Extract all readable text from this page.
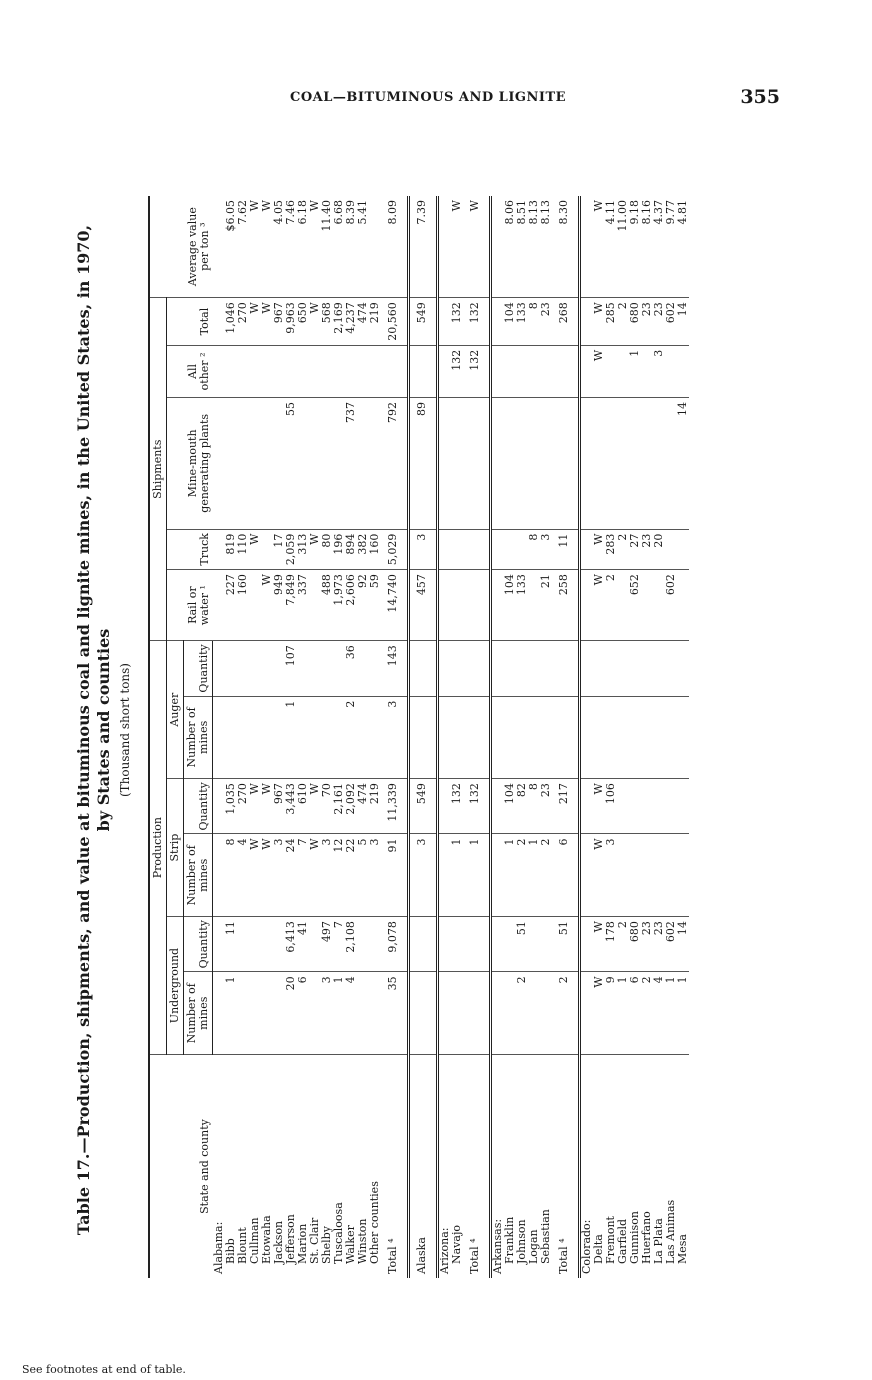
COAL—BITUMINOUS AND LIGNITE	355
Table 17.—Production, shipments, and value at bituminous coal and lignite mines, in the United States, in 1970, by States and counties (Thousand short tons)
State and county	Production						Shipments					Average value per ton ³
	Underground		Strip		Auger		Rail or water ¹	Truck	Mine-mouth generating plants	All other ²	Total	
	Number of mines	Quantity	Number of mines	Quantity	Number of mines	Quantity						
Alabama:												
Bibb	1	11	8	1,035			227	819			1,046	$6.05
Blount			4	270			160	110			270	7.62
Cullman			W	W				W			W	W
Etowaha			W	W			W				W	W
Jackson			3	967			949	17			967	4.05
Jefferson	20	6,413	24	3,443	1	107	7,849	2,059	55		9,963	7.46
Marion	6	41	7	610			337	313			650	6.18
St. Clair			W	W				W			W	W
Shelby	3	497	3	70			488	80			568	11.40
Tuscaloosa	1	7	12	2,161			1,973	196			2,169	6.68
Walker	4	2,108	22	2,092	2	36	2,606	894	737		4,237	8.39
Winston			5	474			92	382			474	5.41
Other counties			3	219			59	160			219	
Total ⁴	35	9,078	91	11,339	3	143	14,740	5,029	792		20,560	8.09
Alaska			3	549			457	3	89		549	7.39
Arizona:												
Navajo			1	132						132	132	W
Total ⁴			1	132						132	132	W
Arkansas:												
Franklin			1	104			104				104	8.06
Johnson	2	51	2	82			133				133	8.51
Logan			1	8				8			8	8.13
Sebastian			2	23			21	3			23	8.13
Total ⁴	2	51	6	217			258	11			268	8.30
Colorado:												
Delta	W	W	W	W			W	W		W	W	W
Fremont	9	178	3	106			2	283			285	4.11
Garfield	1	2						2			2	11.00
Gunnison	6	680					652	27		1	680	9.18
Huerfano	2	23						23			23	8.16
La Plata	4	23						20		3	23	4.37
Las Animas	1	602					602				602	9.77
Mesa	1	14							14		14	4.81
See footnotes at end of table.
